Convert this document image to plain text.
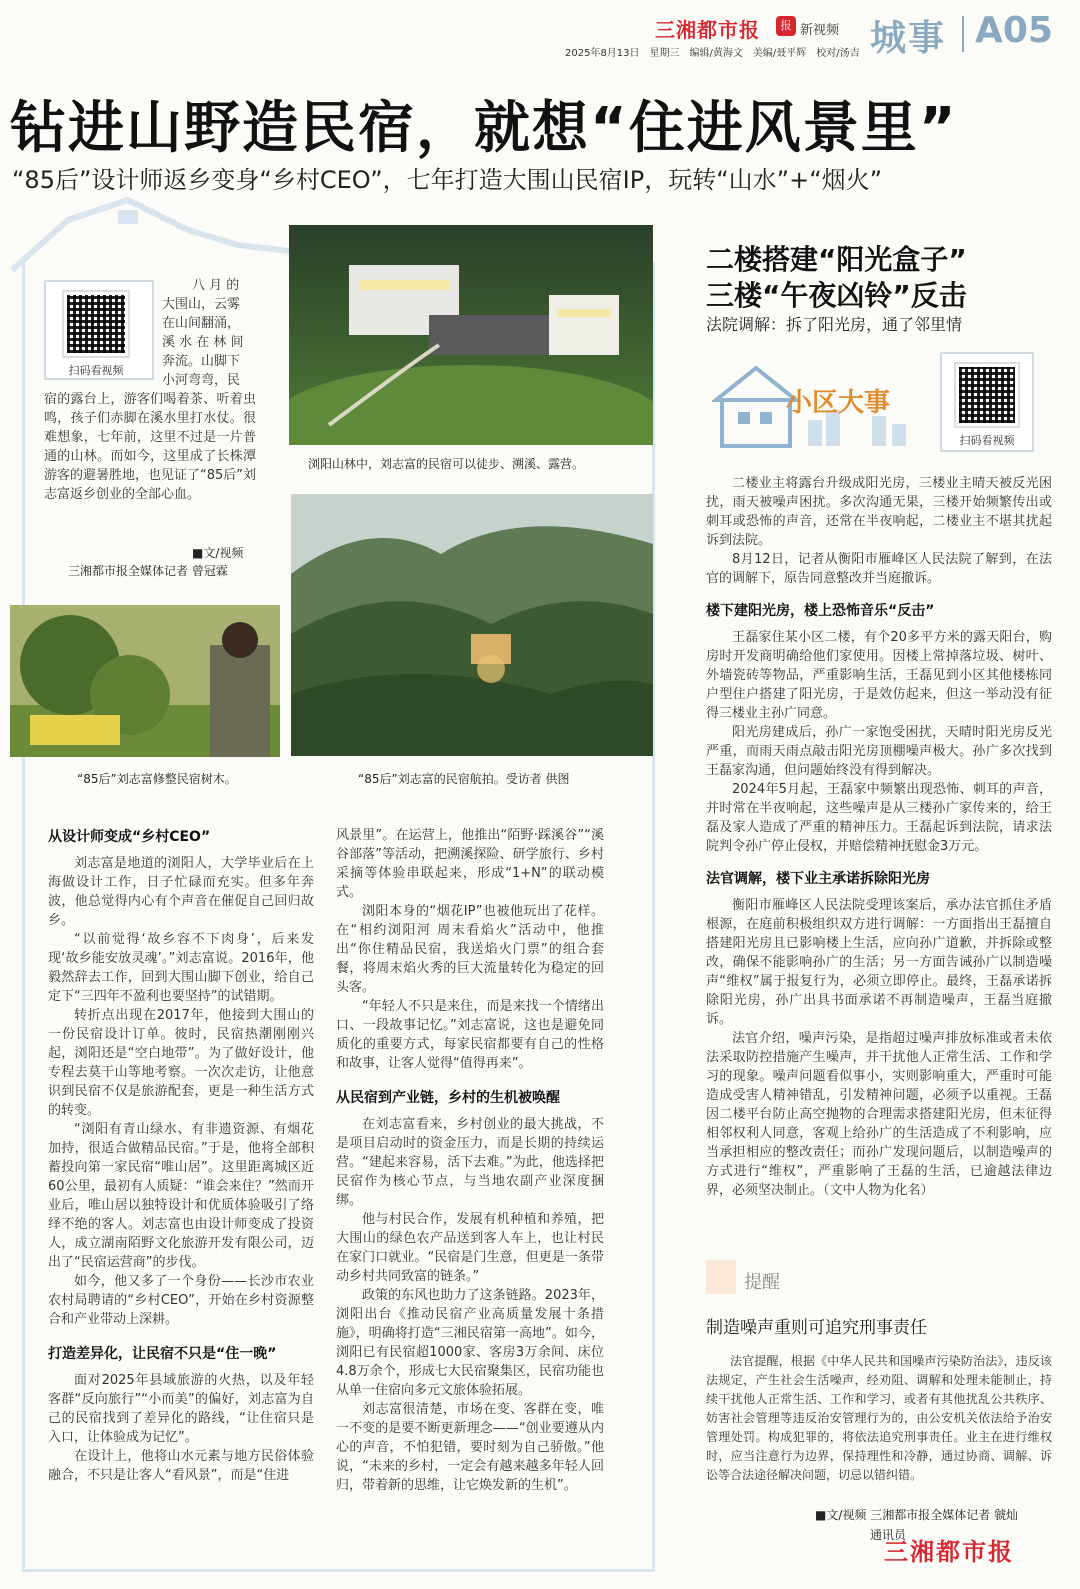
三湘都市报	报 新视频 城事 A05
2025年8月13日　星期三　编辑/黄海文　美编/聂平辉　校对/汤吉
钻进山野造民宿，就想“住进风景里”
“85后”设计师返乡变身“乡村CEO”，七年打造大围山民宿IP，玩转“山水”+“烟火”
扫码看视频
八 月 的
大围山，云雾
在山间翻涌，
溪 水 在 林 间
奔流。山脚下
小河弯弯，民
宿的露台上，游客们喝着茶、听着虫鸣，孩子们赤脚在溪水里打水仗。很难想象，七年前，这里不过是一片普通的山林。而如今，这里成了长株潭游客的避暑胜地，也见证了“85后”刘志富返乡创业的全部心血。
■文/视频
三湘都市报全媒体记者 曾冠霖
浏阳山林中，刘志富的民宿可以徒步、溯溪、露营。
“85后”刘志富修整民宿树木。	“85后”刘志富的民宿航拍。受访者 供图
从设计师变成“乡村CEO”

刘志富是地道的浏阳人，大学毕业后在上海做设计工作，日子忙碌而充实。但多年奔波，他总觉得内心有个声音在催促自己回归故乡。

“以前觉得‘故乡容不下肉身’，后来发现‘故乡能安放灵魂’。”刘志富说。2016年，他毅然辞去工作，回到大围山脚下创业，给自己定下“三四年不盈利也要坚持”的试错期。

转折点出现在2017年，他接到大围山的一份民宿设计订单。彼时，民宿热潮刚刚兴起，浏阳还是“空白地带”。为了做好设计，他专程去莫干山等地考察。一次次走访，让他意识到民宿不仅是旅游配套，更是一种生活方式的转变。

“浏阳有青山绿水、有非遗资源、有烟花加持，很适合做精品民宿。”于是，他将全部积蓄投向第一家民宿“唯山居”。这里距离城区近60公里，最初有人质疑：“谁会来住？”然而开业后，唯山居以独特设计和优质体验吸引了络绎不绝的客人。刘志富也由设计师变成了投资人，成立湖南陌野文化旅游开发有限公司，迈出了“民宿运营商”的步伐。

如今，他又多了一个身份——长沙市农业农村局聘请的“乡村CEO”，开始在乡村资源整合和产业带动上深耕。

打造差异化，让民宿不只是“住一晚”

面对2025年县域旅游的火热，以及年轻客群“反向旅行”“小而美”的偏好，刘志富为自己的民宿找到了差异化的路线，“让住宿只是入口，让体验成为记忆”。

在设计上，他将山水元素与地方民俗体验融合，不只是让客人“看风景”，而是“住进

风景里”。在运营上，他推出“陌野·踩溪谷”“溪谷部落”等活动，把溯溪探险、研学旅行、乡村采摘等体验串联起来，形成“1+N”的联动模式。

浏阳本身的“烟花IP”也被他玩出了花样。在“相约浏阳河 周末看焰火”活动中，他推出“你住精品民宿，我送焰火门票”的组合套餐，将周末焰火秀的巨大流量转化为稳定的回头客。

“年轻人不只是来住，而是来找一个情绪出口、一段故事记忆。”刘志富说，这也是避免同质化的重要方式，每家民宿都要有自己的性格和故事，让客人觉得“值得再来”。

从民宿到产业链，乡村的生机被唤醒

在刘志富看来，乡村创业的最大挑战，不是项目启动时的资金压力，而是长期的持续运营。“建起来容易，活下去难。”为此，他选择把民宿作为核心节点，与当地农副产业深度捆绑。

他与村民合作，发展有机种植和养殖，把大围山的绿色农产品送到客人车上，也让村民在家门口就业。“民宿是门生意，但更是一条带动乡村共同致富的链条。”

政策的东风也助力了这条链路。2023年，浏阳出台《推动民宿产业高质量发展十条措施》，明确将打造“三湘民宿第一高地”。如今，浏阳已有民宿超1000家、客房3万余间、床位4.8万余个，形成七大民宿聚集区，民宿功能也从单一住宿向多元文旅体验拓展。

刘志富很清楚，市场在变、客群在变，唯一不变的是要不断更新理念——“创业要遵从内心的声音，不怕犯错，要时刻为自己骄傲。”他说，“未来的乡村，一定会有越来越多年轻人回归，带着新的思维，让它焕发新的生机”。

二楼搭建“阳光盒子”
三楼“午夜凶铃”反击
法院调解：拆了阳光房，通了邻里情
小区大事
扫码看视频

二楼业主将露台升级成阳光房，三楼业主晴天被反光困扰，雨天被噪声困扰。多次沟通无果，三楼开始频繁传出或刺耳或恐怖的声音，还常在半夜响起，二楼业主不堪其扰起诉到法院。

8月12日，记者从衡阳市雁峰区人民法院了解到，在法官的调解下，原告同意整改并当庭撤诉。

楼下建阳光房，楼上恐怖音乐“反击”

王磊家住某小区二楼，有个20多平方米的露天阳台，购房时开发商明确给他们家使用。因楼上常掉落垃圾、树叶、外墙瓷砖等物品，严重影响生活，王磊见到小区其他楼栋同户型住户搭建了阳光房，于是效仿起来，但这一举动没有征得三楼业主孙广同意。

阳光房建成后，孙广一家饱受困扰，天晴时阳光房反光严重，而雨天雨点敲击阳光房顶棚噪声极大。孙广多次找到王磊家沟通，但问题始终没有得到解决。

2024年5月起，王磊家中频繁出现恐怖、刺耳的声音，并时常在半夜响起，这些噪声是从三楼孙广家传来的，给王磊及家人造成了严重的精神压力。王磊起诉到法院，请求法院判令孙广停止侵权，并赔偿精神抚慰金3万元。

法官调解，楼下业主承诺拆除阳光房

衡阳市雁峰区人民法院受理该案后，承办法官抓住矛盾根源，在庭前积极组织双方进行调解：一方面指出王磊擅自搭建阳光房且已影响楼上生活，应向孙广道歉，并拆除或整改，确保不能影响孙广的生活；另一方面告诫孙广以制造噪声“维权”属于报复行为，必须立即停止。最终，王磊承诺拆除阳光房，孙广出具书面承诺不再制造噪声，王磊当庭撤诉。

法官介绍，噪声污染，是指超过噪声排放标准或者未依法采取防控措施产生噪声，并干扰他人正常生活、工作和学习的现象。噪声问题看似事小，实则影响重大，严重时可能造成受害人精神错乱，引发精神问题，必须予以重视。王磊因二楼平台防止高空抛物的合理需求搭建阳光房，但未征得相邻权利人同意，客观上给孙广的生活造成了不利影响，应当承担相应的整改责任；而孙广发现问题后，以制造噪声的方式进行“维权”，严重影响了王磊的生活，已逾越法律边界，必须坚决制止。（文中人物为化名）

提醒
制造噪声重则可追究刑事责任
法官提醒，根据《中华人民共和国噪声污染防治法》，违反该法规定，产生社会生活噪声，经劝阻、调解和处理未能制止，持续干扰他人正常生活、工作和学习，或者有其他扰乱公共秩序、妨害社会管理等违反治安管理行为的，由公安机关依法给予治安管理处罚。构成犯罪的，将依法追究刑事责任。业主在进行维权时，应当注意行为边界，保持理性和冷静，通过协商、调解、诉讼等合法途径解决问题，切忌以错纠错。
■文/视频 三湘都市报全媒体记者 虢灿
通讯员
三湘都市报
